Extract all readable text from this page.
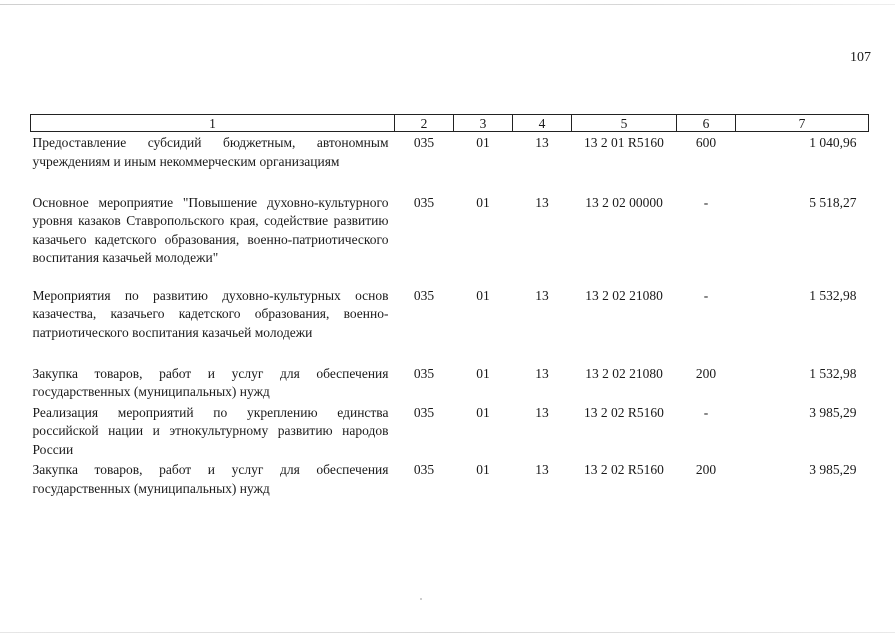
107
1	2	3	4	5	6	7
Предоставление субсидий бюджетным, автономным учреждениям и иным некоммерческим организациям	035	01	13	13 2 01 R5160	600	1 040,96
Основное мероприятие "Повышение духовно-культурного уровня казаков Ставропольского края, содействие развитию казачьего кадетского образования, военно-патриотического воспитания казачьей молодежи"	035	01	13	13 2 02 00000	-	5 518,27
Мероприятия по развитию духовно-культурных основ казачества, казачьего кадетского образования, военно-патриотического воспитания казачьей молодежи	035	01	13	13 2 02 21080	-	1 532,98
Закупка товаров, работ и услуг для обеспечения государственных (муниципальных) нужд	035	01	13	13 2 02 21080	200	1 532,98
Реализация мероприятий по укреплению единства российской нации и этнокультурному развитию народов России	035	01	13	13 2 02 R5160	-	3 985,29
Закупка товаров, работ и услуг для обеспечения государственных (муниципальных) нужд	035	01	13	13 2 02 R5160	200	3 985,29
